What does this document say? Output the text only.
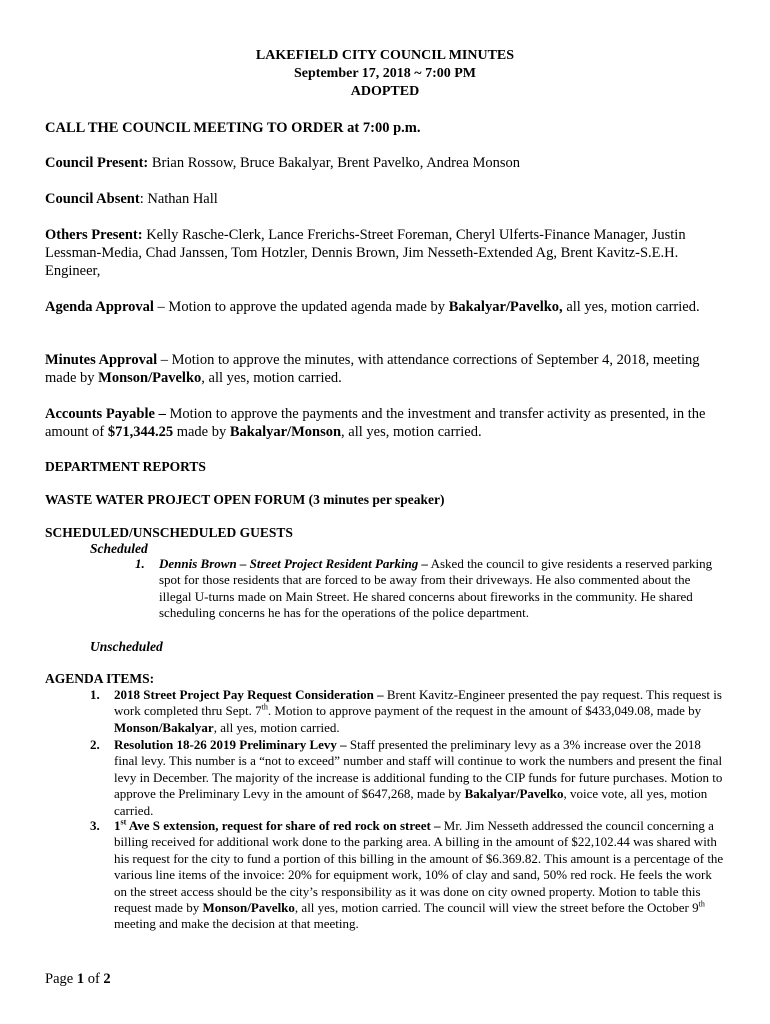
LAKEFIELD CITY COUNCIL MINUTES
September 17, 2018 ~ 7:00 PM
ADOPTED
CALL THE COUNCIL MEETING TO ORDER at 7:00 p.m.
Council Present: Brian Rossow, Bruce Bakalyar, Brent Pavelko, Andrea Monson
Council Absent: Nathan Hall
Others Present: Kelly Rasche-Clerk, Lance Frerichs-Street Foreman, Cheryl Ulferts-Finance Manager, Justin Lessman-Media, Chad Janssen, Tom Hotzler, Dennis Brown, Jim Nesseth-Extended Ag, Brent Kavitz-S.E.H. Engineer,
Agenda Approval – Motion to approve the updated agenda made by Bakalyar/Pavelko, all yes, motion carried.
Minutes Approval – Motion to approve the minutes, with attendance corrections of September 4, 2018, meeting made by Monson/Pavelko, all yes, motion carried.
Accounts Payable – Motion to approve the payments and the investment and transfer activity as presented, in the amount of $71,344.25 made by Bakalyar/Monson, all yes, motion carried.
DEPARTMENT REPORTS
WASTE WATER PROJECT OPEN FORUM (3 minutes per speaker)
SCHEDULED/UNSCHEDULED GUESTS
Scheduled
1. Dennis Brown – Street Project Resident Parking – Asked the council to give residents a reserved parking spot for those residents that are forced to be away from their driveways. He also commented about the illegal U-turns made on Main Street. He shared concerns about fireworks in the community. He shared scheduling concerns he has for the operations of the police department.
Unscheduled
AGENDA ITEMS:
1. 2018 Street Project Pay Request Consideration – Brent Kavitz-Engineer presented the pay request. This request is work completed thru Sept. 7th. Motion to approve payment of the request in the amount of $433,049.08, made by Monson/Bakalyar, all yes, motion carried.
2. Resolution 18-26 2019 Preliminary Levy – Staff presented the preliminary levy as a 3% increase over the 2018 final levy. This number is a “not to exceed” number and staff will continue to work the numbers and present the final levy in December. The majority of the increase is additional funding to the CIP funds for future purchases. Motion to approve the Preliminary Levy in the amount of $647,268, made by Bakalyar/Pavelko, voice vote, all yes, motion carried.
3. 1st Ave S extension, request for share of red rock on street – Mr. Jim Nesseth addressed the council concerning a billing received for additional work done to the parking area. A billing in the amount of $22,102.44 was shared with his request for the city to fund a portion of this billing in the amount of $6.369.82. This amount is a percentage of the various line items of the invoice: 20% for equipment work, 10% of clay and sand, 50% red rock. He feels the work on the street access should be the city’s responsibility as it was done on city owned property. Motion to table this request made by Monson/Pavelko, all yes, motion carried. The council will view the street before the October 9th meeting and make the decision at that meeting.
Page 1 of 2
